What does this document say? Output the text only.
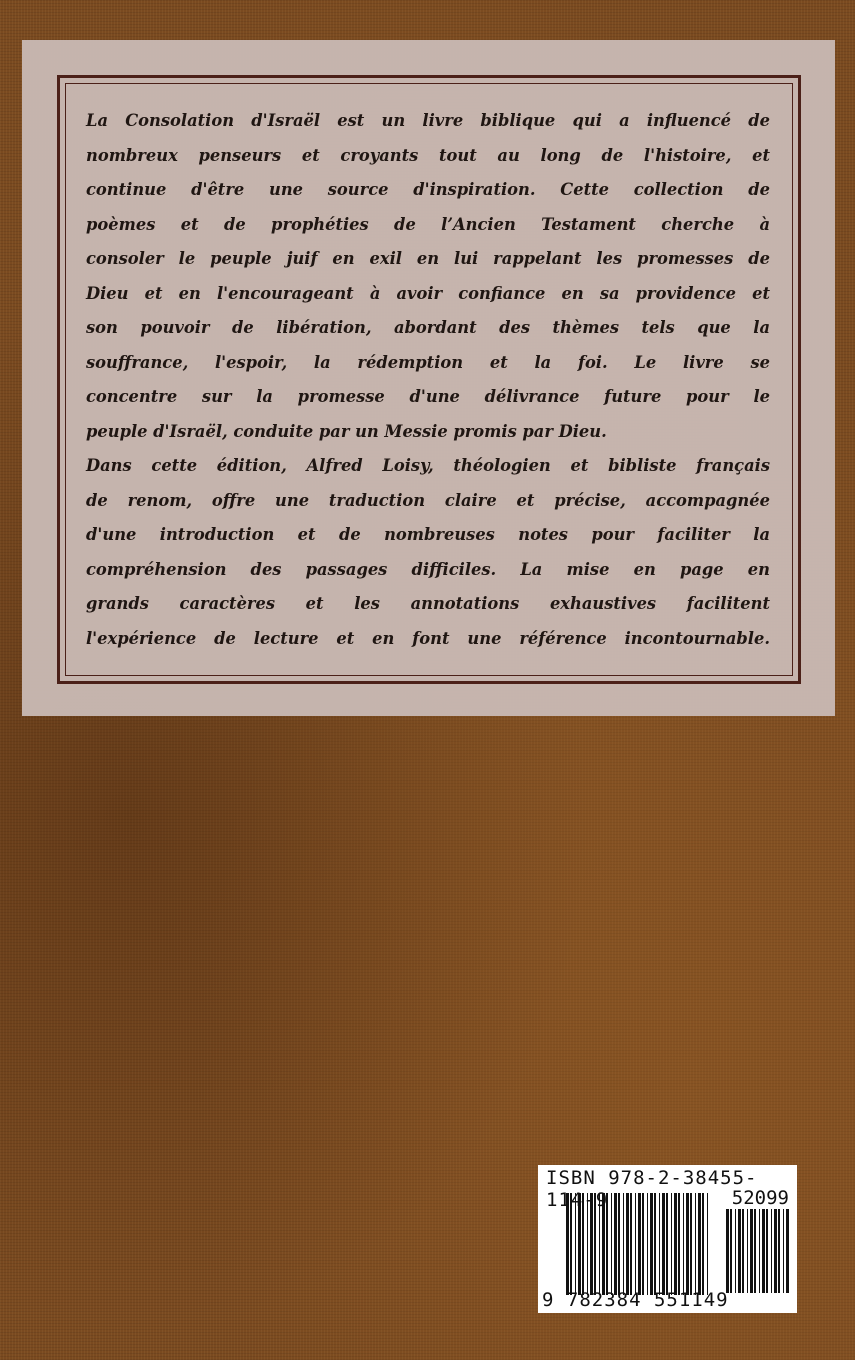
La Consolation d'Israël est un livre biblique qui a influencé de
nombreux penseurs et croyants tout au long de l'histoire, et
continue d'être une source d'inspiration. Cette collection de
poèmes et de prophéties de l’Ancien Testament cherche à
consoler le peuple juif en exil en lui rappelant les promesses de
Dieu et en l'encourageant à avoir confiance en sa providence et
son pouvoir de libération, abordant des thèmes tels que la
souffrance, l'espoir, la rédemption et la foi. Le livre se
concentre sur la promesse d'une délivrance future pour le
peuple d'Israël, conduite par un Messie promis par Dieu.
Dans cette édition, Alfred Loisy, théologien et bibliste français
de renom, offre une traduction claire et précise, accompagnée
d'une introduction et de nombreuses notes pour faciliter la
compréhension des passages difficiles. La mise en page en
grands caractères et les annotations exhaustives facilitent
l'expérience de lecture et en font une référence incontournable.
ISBN 978-2-38455-114-9	52099
9 782384 551149
